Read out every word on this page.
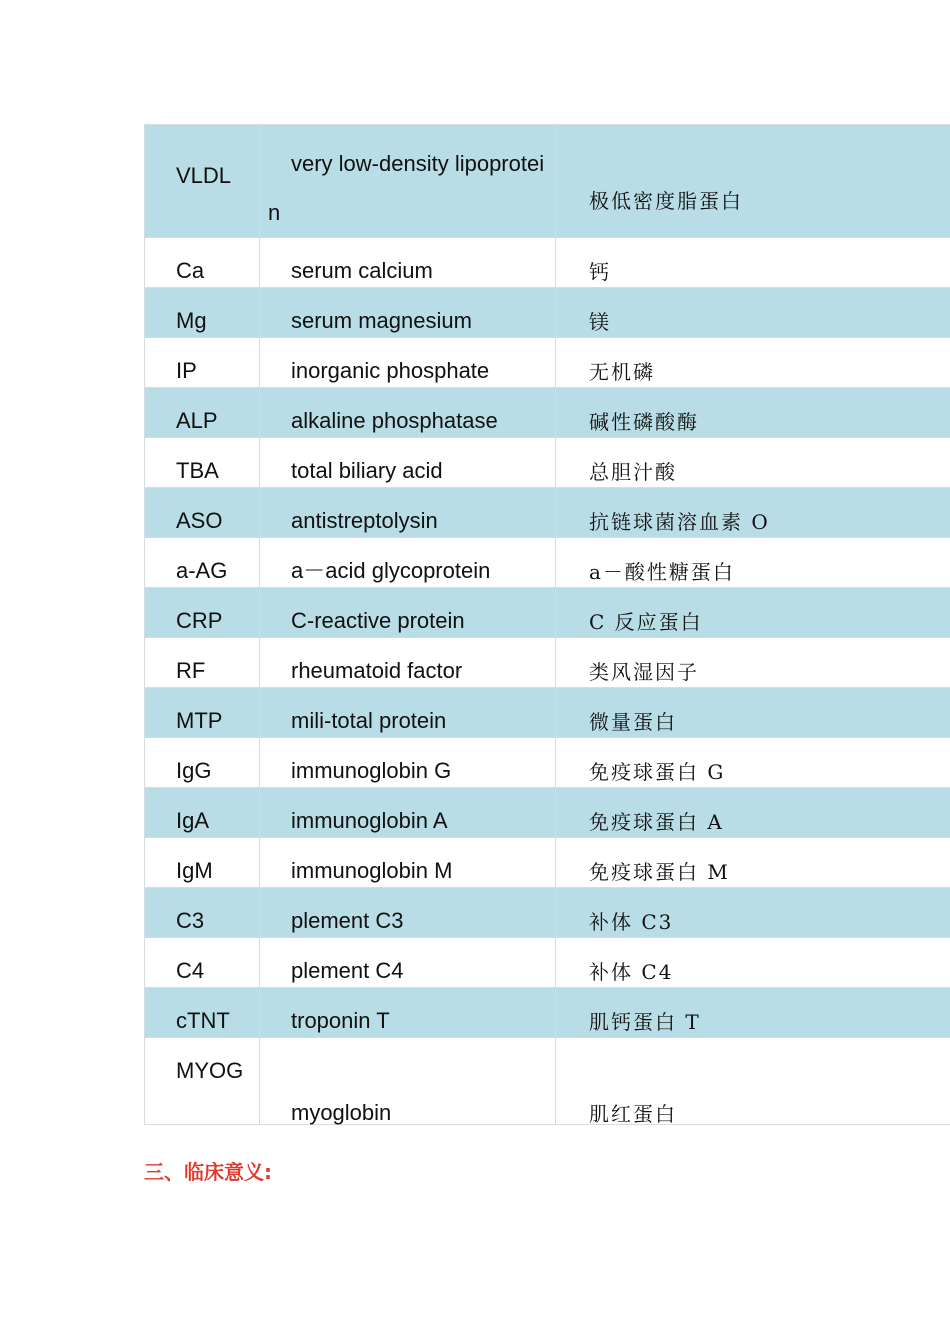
VLDL	very low-density lipoprotein	极低密度脂蛋白

Ca	serum calcium	钙

Mg	serum magnesium	镁

IP	inorganic phosphate	无机磷

ALP	alkaline phosphatase	碱性磷酸酶

TBA	total biliary acid	总胆汁酸

ASO	antistreptolysin	抗链球菌溶血素 O

a-AG	a－acid glycoprotein	a－酸性糖蛋白

CRP	C-reactive protein	C 反应蛋白

RF	rheumatoid factor	类风湿因子

MTP	mili-total protein	微量蛋白

IgG	immunoglobin G	免疫球蛋白 G

IgA	immunoglobin A	免疫球蛋白 A

IgM	immunoglobin M	免疫球蛋白 M

C3	plement C3	补体 C3

C4	plement C4	补体 C4

cTNT	troponin T	肌钙蛋白 T

MYOG	myoglobin	肌红蛋白
三、临床意义:
